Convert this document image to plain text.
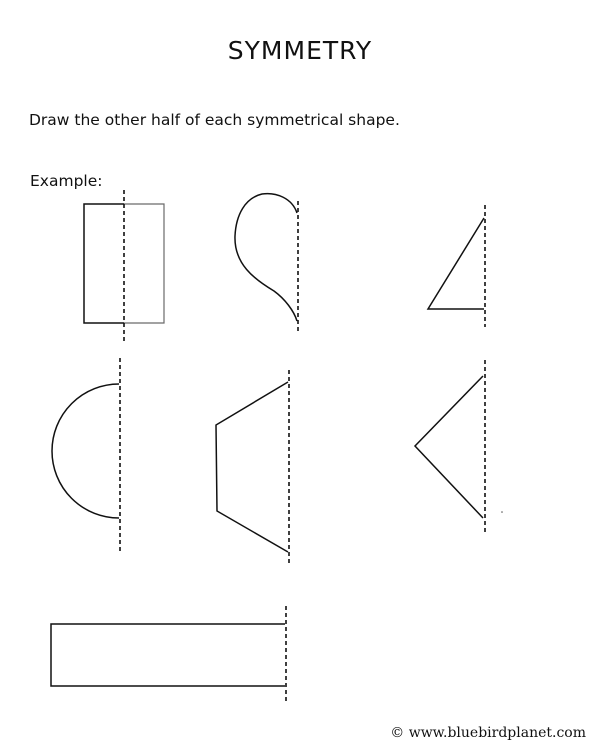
SYMMETRY
Draw the other half of each symmetrical shape.
Example:
© www.bluebirdplanet.com
